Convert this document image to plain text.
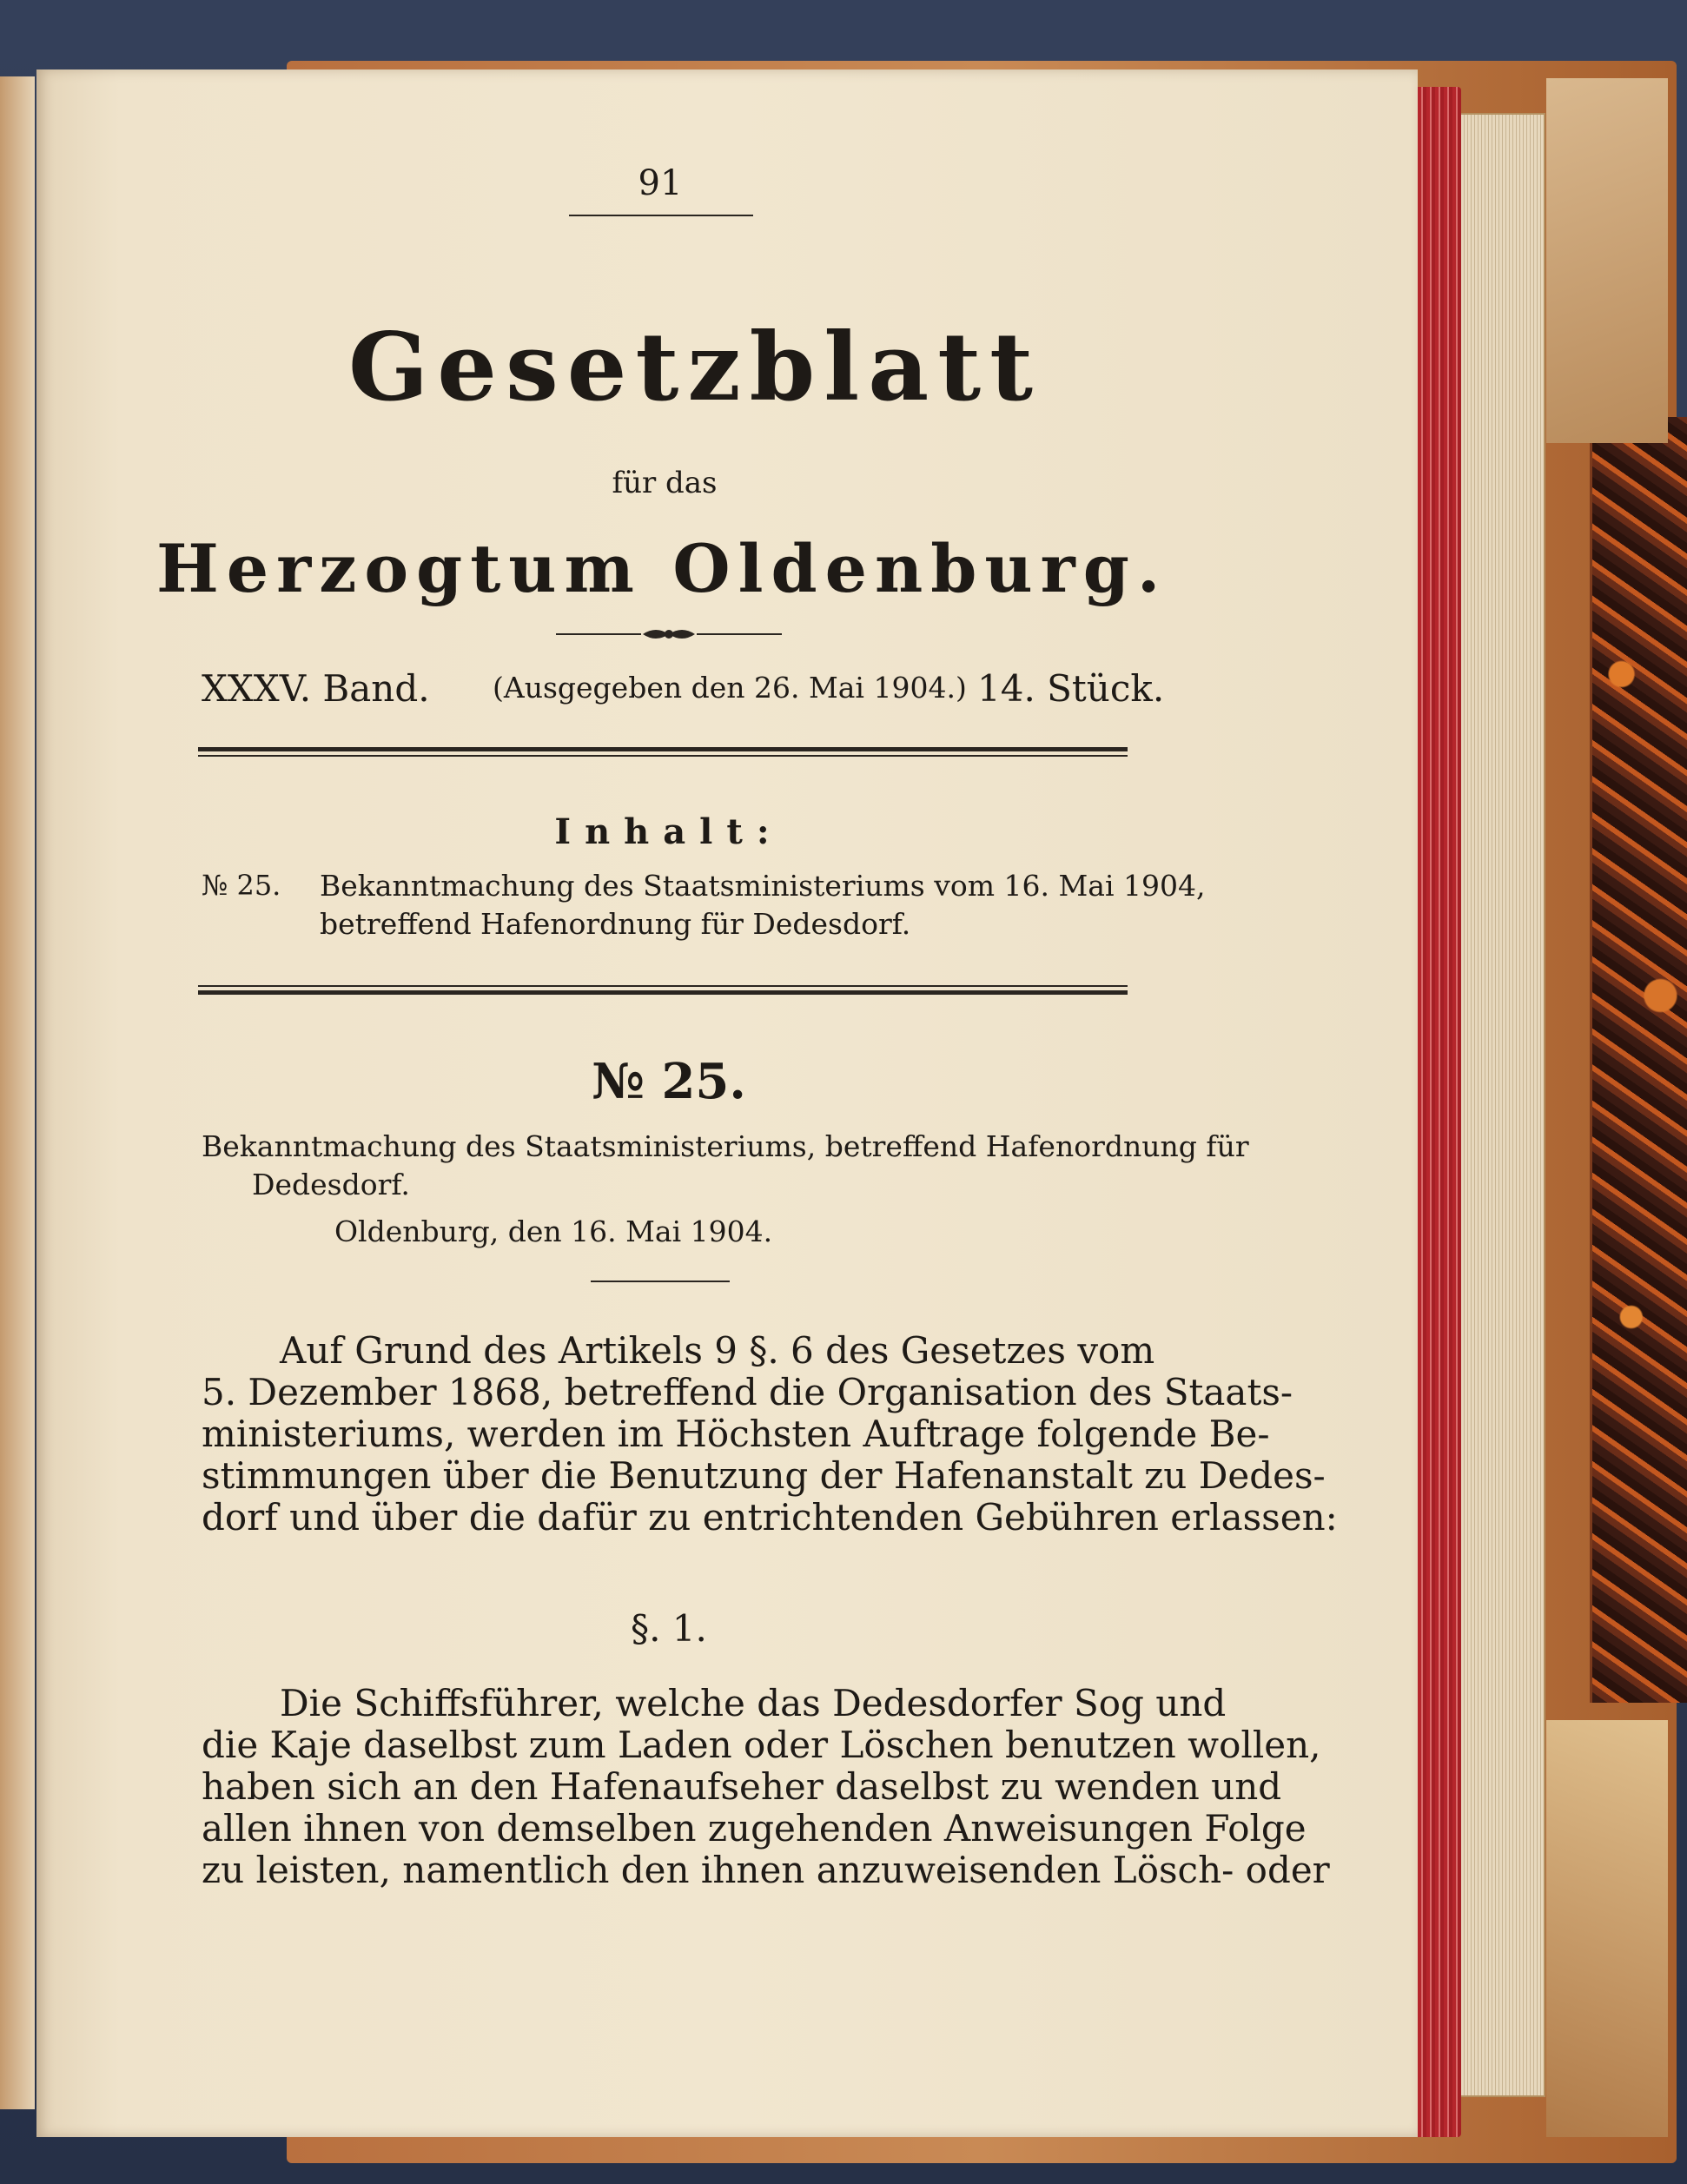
91
Gesetzblatt
für das
Herzogtum Oldenburg.
XXXV. Band. (Ausgegeben den 26. Mai 1904.) 14. Stück.
Inhalt:
№ 25. Bekanntmachung des Staatsministeriums vom 16. Mai 1904,
betreffend Hafenordnung für Dedesdorf.
№ 25.
Bekanntmachung des Staatsministeriums, betreffend Hafenordnung für
Dedesdorf.
Oldenburg, den 16. Mai 1904.
Auf Grund des Artikels 9 §. 6 des Gesetzes vom
5. Dezember 1868, betreffend die Organisation des Staats-
ministeriums, werden im Höchsten Auftrage folgende Be-
stimmungen über die Benutzung der Hafenanstalt zu Dedes-
dorf und über die dafür zu entrichtenden Gebühren erlassen:
§. 1.
Die Schiffsführer, welche das Dedesdorfer Sog und
die Kaje daselbst zum Laden oder Löschen benutzen wollen,
haben sich an den Hafenaufseher daselbst zu wenden und
allen ihnen von demselben zugehenden Anweisungen Folge
zu leisten, namentlich den ihnen anzuweisenden Lösch- oder
